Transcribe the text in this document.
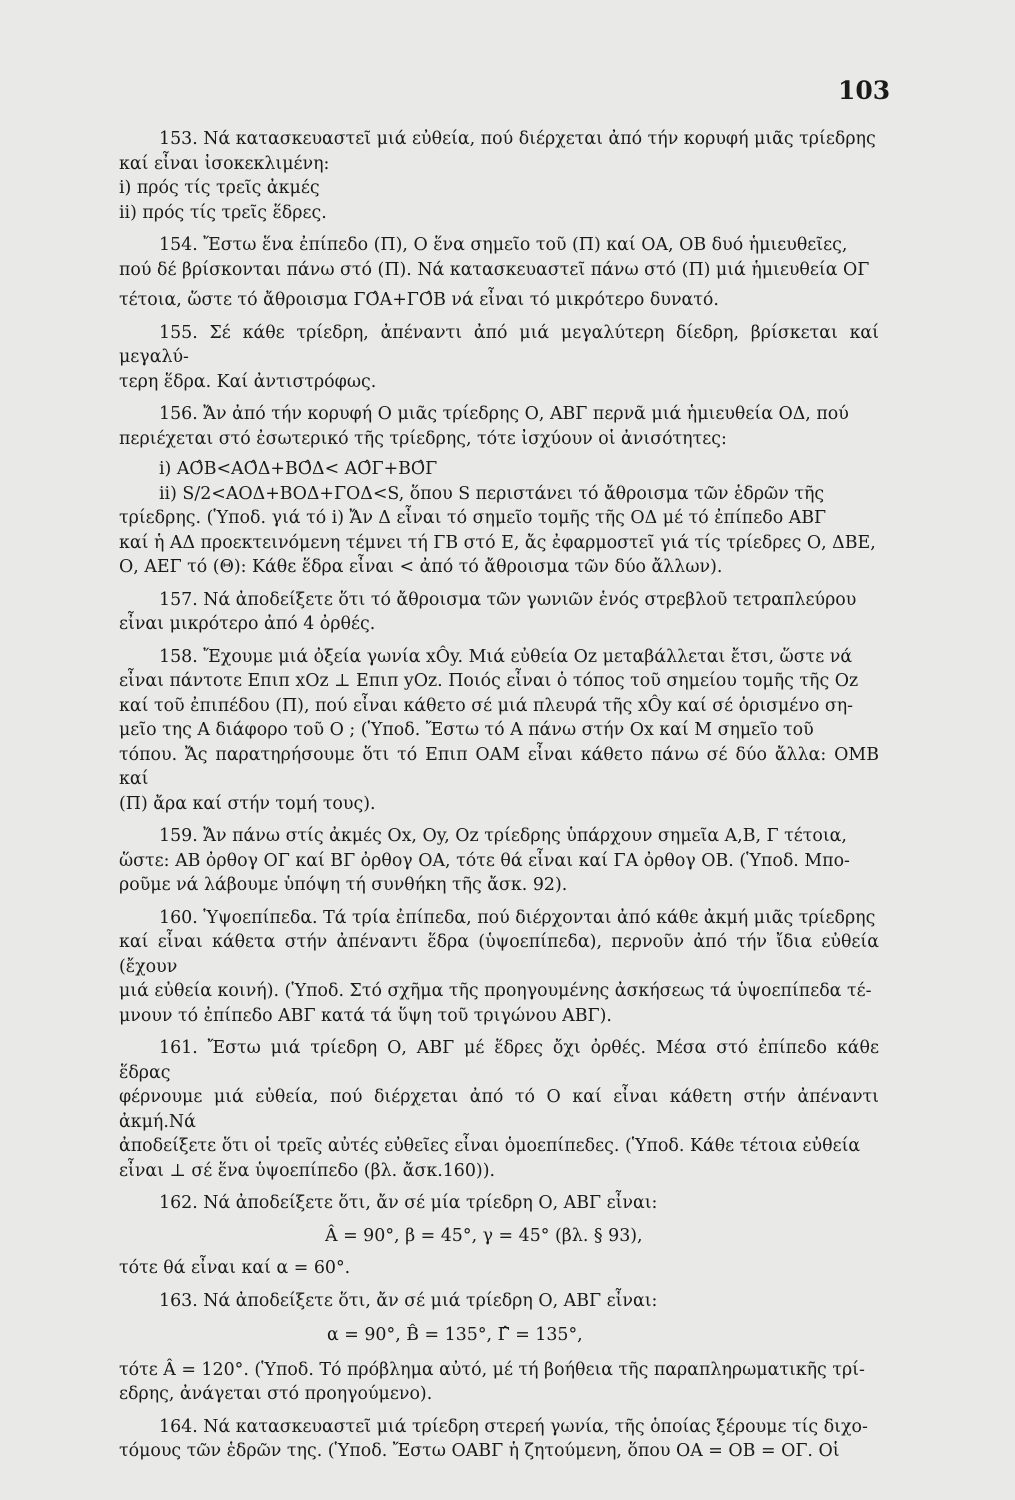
103
153. Νά κατασκευαστεῖ μιά εὐθεία, πού διέρχεται ἀπό τήν κορυφή μιᾶς τρίεδρης
καί εἶναι ἰσοκεκλιμένη:
i) πρός τίς τρεῖς ἀκμές
ii) πρός τίς τρεῖς ἕδρες.
154. Ἔστω ἕνα ἐπίπεδο (Π), Ο ἕνα σημεῖο τοῦ (Π) καί ΟΑ, ΟΒ δυό ἡμιευθεῖες,
πού δέ βρίσκονται πάνω στό (Π). Νά κατασκευαστεῖ πάνω στό (Π) μιά ἡμιευθεία ΟΓ
τέτοια, ὥστε τό ἄθροισμα ΓΟ̂Α+ΓΟ̂Β νά εἶναι τό μικρότερο δυνατό.
155. Σέ κάθε τρίεδρη, ἀπέναντι ἀπό μιά μεγαλύτερη δίεδρη, βρίσκεται καί μεγαλύ-
τερη ἕδρα. Καί ἀντιστρόφως.
156. Ἄν ἀπό τήν κορυφή Ο μιᾶς τρίεδρης Ο, ΑΒΓ περνᾶ μιά ἡμιευθεία ΟΔ, πού
περιέχεται στό ἐσωτερικό τῆς τρίεδρης, τότε ἰσχύουν οἱ ἀνισότητες:
i) ΑΟ̂Β<ΑΟ̂Δ+ΒΟ̂Δ< ΑΟ̂Γ+ΒΟ̂Γ
ii) S/2<ΑΟΔ+ΒΟΔ+ΓΟΔ<S, ὅπου S περιστάνει τό ἄθροισμα τῶν ἑδρῶν τῆς
τρίεδρης. (Ὑποδ. γιά τό i) Ἄν Δ εἶναι τό σημεῖο τομῆς τῆς ΟΔ μέ τό ἐπίπεδο ΑΒΓ
καί ἡ ΑΔ προεκτεινόμενη τέμνει τή ΓΒ στό Ε, ἄς ἐφαρμοστεῖ γιά τίς τρίεδρες Ο, ΔΒΕ,
Ο, ΑΕΓ τό (Θ): Κάθε ἕδρα εἶναι < ἀπό τό ἄθροισμα τῶν δύο ἄλλων).
157. Νά ἀποδείξετε ὅτι τό ἄθροισμα τῶν γωνιῶν ἑνός στρεβλοῦ τετραπλεύρου
εἶναι μικρότερο ἀπό 4 ὀρθές.
158. Ἔχουμε μιά ὀξεία γωνία xÔy. Μιά εὐθεία Οz μεταβάλλεται ἔτσι, ὥστε νά
εἶναι πάντοτε Επιπ xOz ⊥ Επιπ yOz. Ποιός εἶναι ὁ τόπος τοῦ σημείου τομῆς τῆς Οz
καί τοῦ ἐπιπέδου (Π), πού εἶναι κάθετο σέ μιά πλευρά τῆς xÔy καί σέ ὁρισμένο ση-
μεῖο της Α διάφορο τοῦ Ο ; (Ὑποδ. Ἔστω τό Α πάνω στήν Οx καί Μ σημεῖο τοῦ
τόπου. Ἄς παρατηρήσουμε ὅτι τό Επιπ ΟΑΜ εἶναι κάθετο πάνω σέ δύο ἄλλα: ΟΜΒ καί
(Π) ἄρα καί στήν τομή τους).
159. Ἄν πάνω στίς ἀκμές Οx, Οy, Οz τρίεδρης ὑπάρχουν σημεῖα Α,Β, Γ τέτοια,
ὥστε: ΑΒ ὀρθογ ΟΓ καί ΒΓ ὀρθογ ΟΑ, τότε θά εἶναι καί ΓΑ ὀρθογ ΟΒ. (Ὑποδ. Μπο-
ροῦμε νά λάβουμε ὑπόψη τή συνθήκη τῆς ἄσκ. 92).
160. Ὑψοεπίπεδα. Τά τρία ἐπίπεδα, πού διέρχονται ἀπό κάθε ἀκμή μιᾶς τρίεδρης
καί εἶναι κάθετα στήν ἀπέναντι ἕδρα (ὑψοεπίπεδα), περνοῦν ἀπό τήν ἴδια εὐθεία (ἔχουν
μιά εὐθεία κοινή). (Ὑποδ. Στό σχῆμα τῆς προηγουμένης ἀσκήσεως τά ὑψοεπίπεδα τέ-
μνουν τό ἐπίπεδο ΑΒΓ κατά τά ὕψη τοῦ τριγώνου ΑΒΓ).
161. Ἔστω μιά τρίεδρη Ο, ΑΒΓ μέ ἕδρες ὄχι ὀρθές. Μέσα στό ἐπίπεδο κάθε ἕδρας
φέρνουμε μιά εὐθεία, πού διέρχεται ἀπό τό Ο καί εἶναι κάθετη στήν ἀπέναντι ἀκμή.Νά
ἀποδείξετε ὅτι οἱ τρεῖς αὐτές εὐθεῖες εἶναι ὁμοεπίπεδες. (Ὑποδ. Κάθε τέτοια εὐθεία
εἶναι ⊥ σέ ἕνα ὑψοεπίπεδο (βλ. ἄσκ.160)).
162. Νά ἀποδείξετε ὅτι, ἄν σέ μία τρίεδρη Ο, ΑΒΓ εἶναι:
Â = 90°, β = 45°, γ = 45° (βλ. § 93),
τότε θά εἶναι καί α = 60°.
163. Νά ἀποδείξετε ὅτι, ἄν σέ μιά τρίεδρη Ο, ΑΒΓ εἶναι:
α = 90°, B̂ = 135°, Γ̂ = 135°,
τότε Â = 120°. (Ὑποδ. Τό πρόβλημα αὐτό, μέ τή βοήθεια τῆς παραπληρωματικῆς τρί-
εδρης, ἀνάγεται στό προηγούμενο).
164. Νά κατασκευαστεῖ μιά τρίεδρη στερεή γωνία, τῆς ὁποίας ξέρουμε τίς διχο-
τόμους τῶν ἑδρῶν της. (Ὑποδ. Ἔστω ΟΑΒΓ ἡ ζητούμενη, ὅπου ΟΑ = ΟΒ = ΟΓ. Οἱ
